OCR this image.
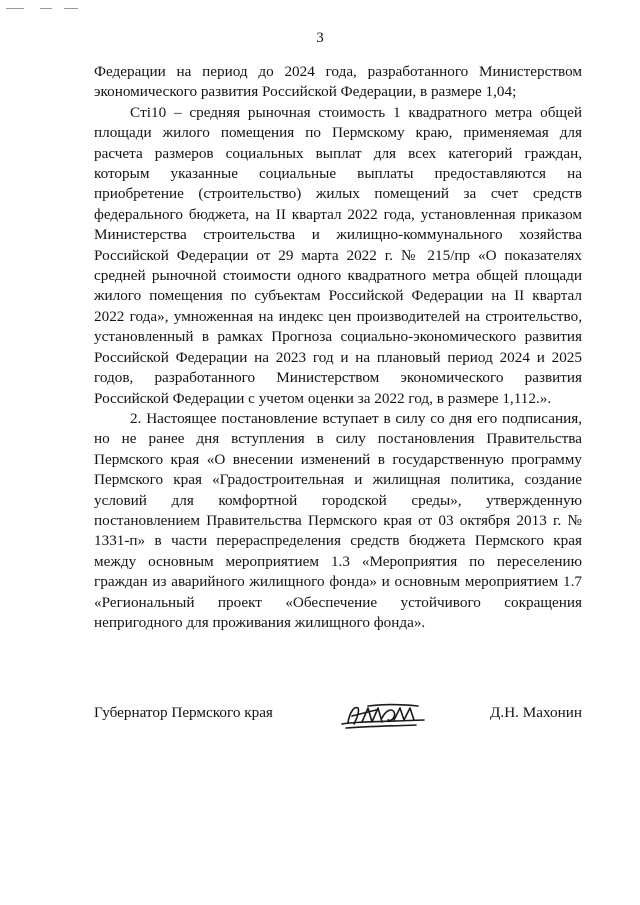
3

Федерации на период до 2024 года, разработанного Министерством экономического развития Российской Федерации, в размере 1,04;

Cтi10 – средняя рыночная стоимость 1 квадратного метра общей площади жилого помещения по Пермскому краю, применяемая для расчета размеров социальных выплат для всех категорий граждан, которым указанные социальные выплаты предоставляются на приобретение (строительство) жилых помещений за счет средств федерального бюджета, на II квартал 2022 года, установленная приказом Министерства строительства и жилищно-коммунального хозяйства Российской Федерации от 29 марта 2022 г. № 215/пр «О показателях средней рыночной стоимости одного квадратного метра общей площади жилого помещения по субъектам Российской Федерации на II квартал 2022 года», умноженная на индекс цен производителей на строительство, установленный в рамках Прогноза социально-экономического развития Российской Федерации на 2023 год и на плановый период 2024 и 2025 годов, разработанного Министерством экономического развития Российской Федерации с учетом оценки за 2022 год, в размере 1,112.».

2. Настоящее постановление вступает в силу со дня его подписания, но не ранее дня вступления в силу постановления Правительства Пермского края «О внесении изменений в государственную программу Пермского края «Градостроительная и жилищная политика, создание условий для комфортной городской среды», утвержденную постановлением Правительства Пермского края от 03 октября 2013 г. № 1331-п» в части перераспределения средств бюджета Пермского края между основным мероприятием 1.3 «Мероприятия по переселению граждан из аварийного жилищного фонда» и основным мероприятием 1.7 «Региональный проект «Обеспечение устойчивого сокращения непригодного для проживания жилищного фонда».

Губернатор Пермского края	Д.Н. Махонин
